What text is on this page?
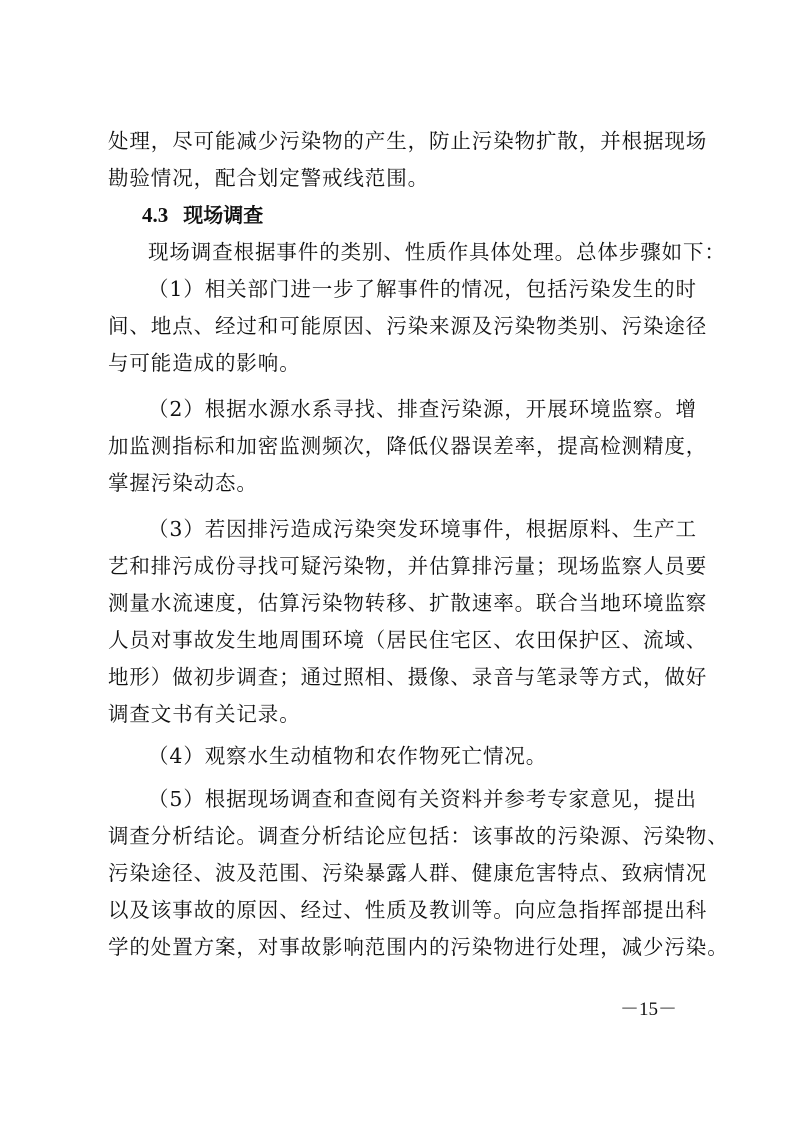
处理，尽可能减少污染物的产生，防止污染物扩散，并根据现场
勘验情况，配合划定警戒线范围。
4.3 现场调查
现场调查根据事件的类别、性质作具体处理。总体步骤如下：
（1）相关部门进一步了解事件的情况，包括污染发生的时
间、地点、经过和可能原因、污染来源及污染物类别、污染途径
与可能造成的影响。
（2）根据水源水系寻找、排查污染源，开展环境监察。增
加监测指标和加密监测频次，降低仪器误差率，提高检测精度，
掌握污染动态。
（3）若因排污造成污染突发环境事件，根据原料、生产工
艺和排污成份寻找可疑污染物，并估算排污量；现场监察人员要
测量水流速度，估算污染物转移、扩散速率。联合当地环境监察
人员对事故发生地周围环境（居民住宅区、农田保护区、流域、
地形）做初步调查；通过照相、摄像、录音与笔录等方式，做好
调查文书有关记录。
（4）观察水生动植物和农作物死亡情况。
（5）根据现场调查和查阅有关资料并参考专家意见，提出
调查分析结论。调查分析结论应包括：该事故的污染源、污染物、
污染途径、波及范围、污染暴露人群、健康危害特点、致病情况
以及该事故的原因、经过、性质及教训等。向应急指挥部提出科
学的处置方案，对事故影响范围内的污染物进行处理，减少污染。
－15－
